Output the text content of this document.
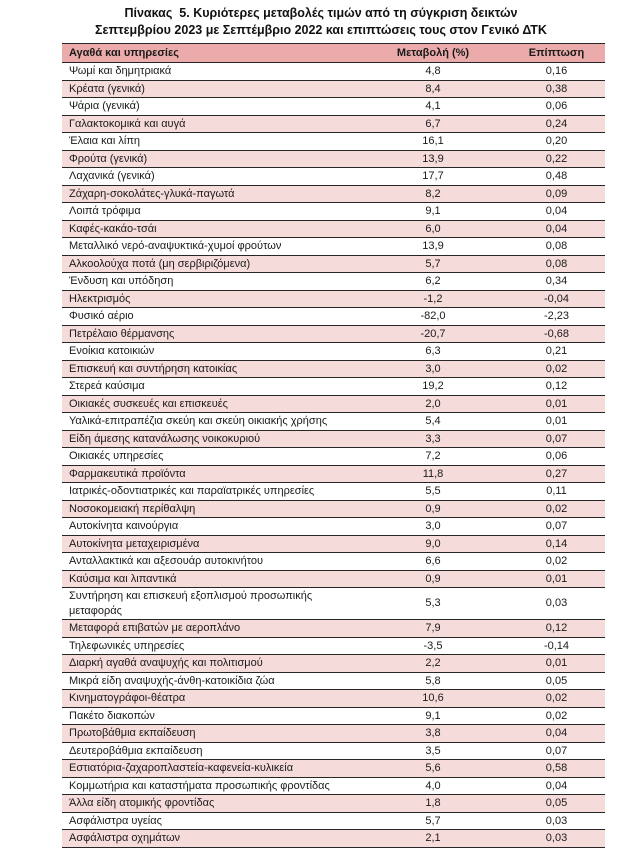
Πίνακας  5. Κυριότερες μεταβολές τιμών από τη σύγκριση δεικτών
Σεπτεμβρίου 2023 με Σεπτέμβριο 2022 και επιπτώσεις τους στον Γενικό ΔΤΚ
Αγαθά και υπηρεσίες	Μεταβολή (%)	Επίπτωση
Ψωμί και δημητριακά	4,8	0,16
Κρέατα (γενικά)	8,4	0,38
Ψάρια (γενικά)	4,1	0,06
Γαλακτοκομικά και αυγά	6,7	0,24
Έλαια και λίπη	16,1	0,20
Φρούτα (γενικά)	13,9	0,22
Λαχανικά (γενικά)	17,7	0,48
Ζάχαρη-σοκολάτες-γλυκά-παγωτά	8,2	0,09
Λοιπά τρόφιμα	9,1	0,04
Καφές-κακάο-τσάι	6,0	0,04
Μεταλλικό νερό-αναψυκτικά-χυμοί φρούτων	13,9	0,08
Αλκοολούχα ποτά (μη σερβιριζόμενα)	5,7	0,08
Ένδυση και υπόδηση	6,2	0,34
Ηλεκτρισμός	-1,2	-0,04
Φυσικό αέριο	-82,0	-2,23
Πετρέλαιο θέρμανσης	-20,7	-0,68
Ενοίκια κατοικιών	6,3	0,21
Επισκευή και συντήρηση κατοικίας	3,0	0,02
Στερεά καύσιμα	19,2	0,12
Οικιακές συσκευές και επισκευές	2,0	0,01
Υαλικά-επιτραπέζια σκεύη και σκεύη οικιακής χρήσης	5,4	0,01
Είδη άμεσης κατανάλωσης νοικοκυριού	3,3	0,07
Οικιακές υπηρεσίες	7,2	0,06
Φαρμακευτικά προϊόντα	11,8	0,27
Ιατρικές-οδοντιατρικές και παραϊατρικές υπηρεσίες	5,5	0,11
Νοσοκομειακή περίθαλψη	0,9	0,02
Αυτοκίνητα καινούργια	3,0	0,07
Αυτοκίνητα μεταχειρισμένα	9,0	0,14
Ανταλλακτικά και αξεσουάρ αυτοκινήτου	6,6	0,02
Καύσιμα και λιπαντικά	0,9	0,01
Συντήρηση και επισκευή εξοπλισμού προσωπικής μεταφοράς
5,3	0,03
Μεταφορά επιβατών με αεροπλάνο	7,9	0,12
Τηλεφωνικές υπηρεσίες	-3,5	-0,14
Διαρκή αγαθά αναψυχής και πολιτισμού	2,2	0,01
Μικρά είδη αναψυχής-άνθη-κατοικίδια ζώα	5,8	0,05
Κινηματογράφοι-θέατρα	10,6	0,02
Πακέτο διακοπών	9,1	0,02
Πρωτοβάθμια εκπαίδευση	3,8	0,04
Δευτεροβάθμια εκπαίδευση	3,5	0,07
Εστιατόρια-ζαχαροπλαστεία-καφενεία-κυλικεία	5,6	0,58
Κομμωτήρια και καταστήματα προσωπικής φροντίδας	4,0	0,04
Άλλα είδη ατομικής φροντίδας	1,8	0,05
Ασφάλιστρα υγείας	5,7	0,03
Ασφάλιστρα οχημάτων	2,1	0,03
